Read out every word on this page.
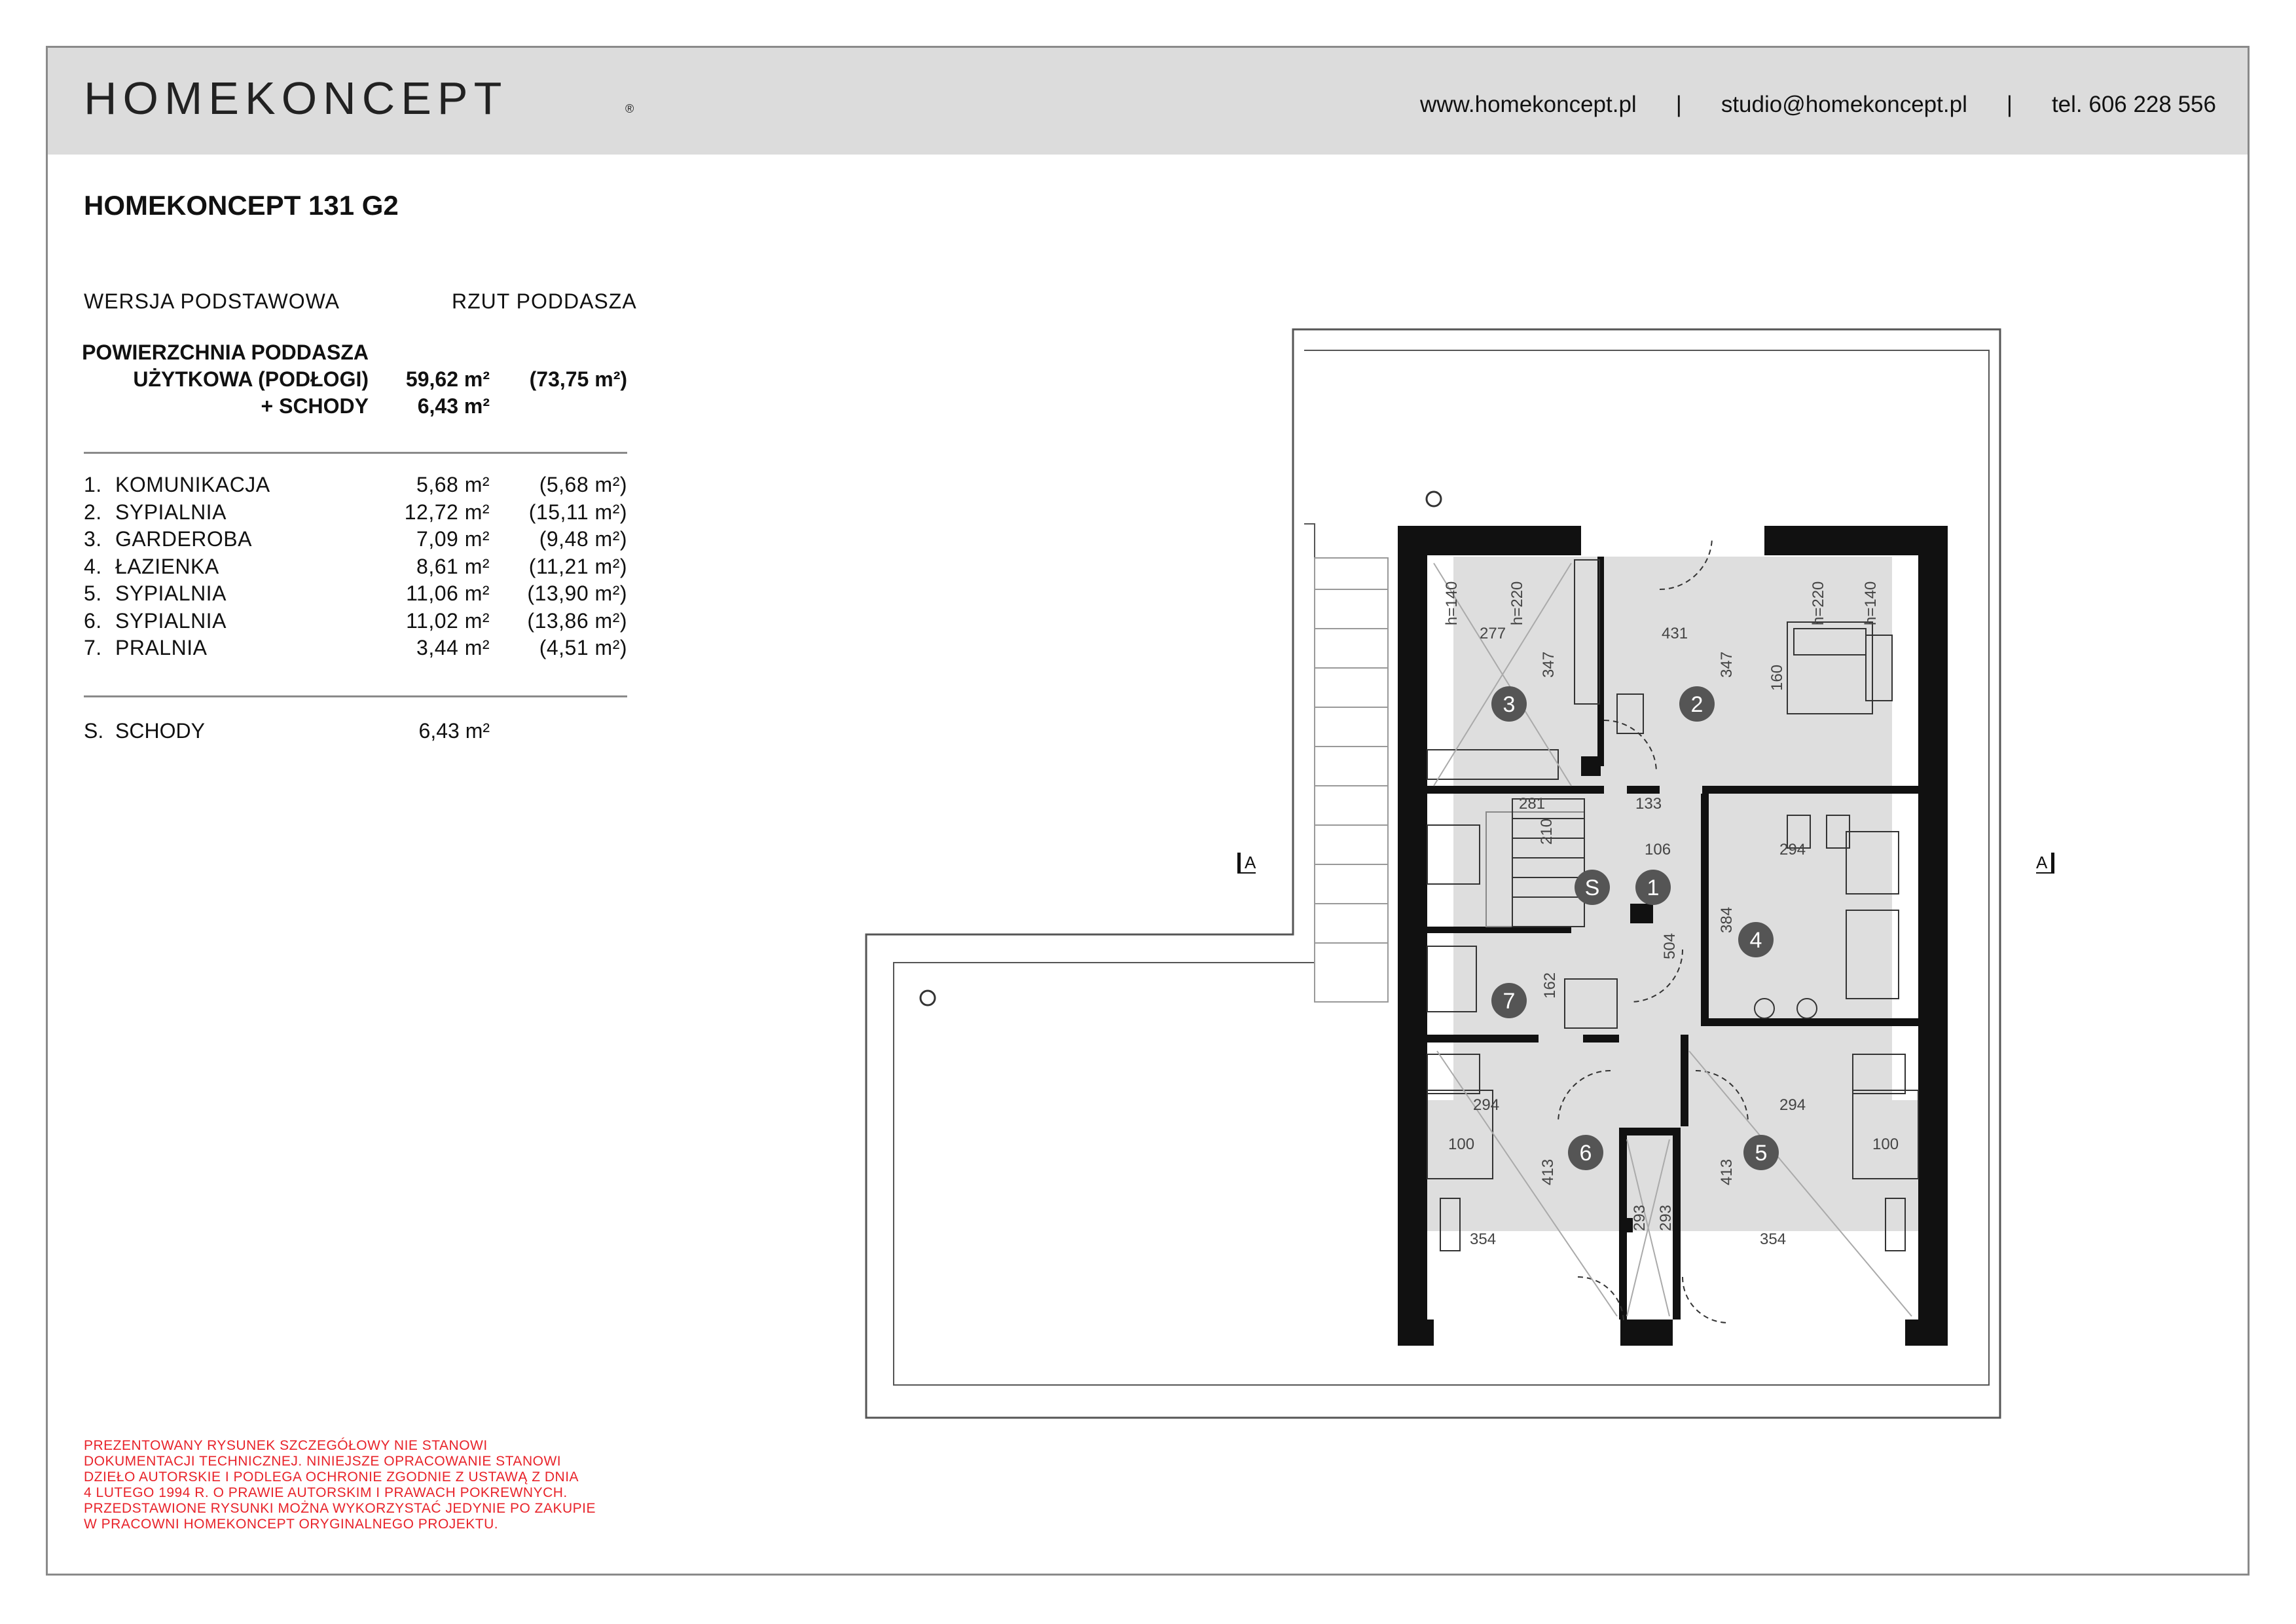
HOMEKONCEPT	®	www.homekoncept.pl | studio@homekoncept.pl | tel. 606 228 556
HOMEKONCEPT 131 G2
WERSJA PODSTAWOWA	RZUT PODDASZA
POWIERZCHNIA PODDASZA
UŻYTKOWA (PODŁOGI) 59,62 m² (73,75 m²)
+ SCHODY 6,43 m²
1. KOMUNIKACJA	5,68 m² (5,68 m²)
2. SYPIALNIA	12,72 m² (15,11 m²)
3. GARDEROBA	7,09 m² (9,48 m²)
4. ŁAZIENKA	8,61 m² (11,21 m²)
5. SYPIALNIA	11,06 m² (13,90 m²)
6. SYPIALNIA	11,02 m² (13,86 m²)
7. PRALNIA	3,44 m² (4,51 m²)
S. SCHODY	6,43 m²
PREZENTOWANY RYSUNEK SZCZEGÓŁOWY NIE STANOWI
DOKUMENTACJI TECHNICZNEJ. NINIEJSZE OPRACOWANIE STANOWI
DZIEŁO AUTORSKIE I PODLEGA OCHRONIE ZGODNIE Z USTAWĄ Z DNIA
4 LUTEGO 1994 R. O PRAWIE AUTORSKIM I PRAWACH POKREWNYCH.
PRZEDSTAWIONE RYSUNKI MOŻNA WYKORZYSTAĆ JEDYNIE PO ZAKUPIE
W PRACOWNI HOMEKONCEPT ORYGINALNEGO PROJEKTU.
A	A
3	2
S 1
4
7
6	5
277
347
431
347 160
h=140	h=220	h=220 h=140
281	133
210
106	294
384
504
162
294	294
100	100
413	413
293 293
354	354
